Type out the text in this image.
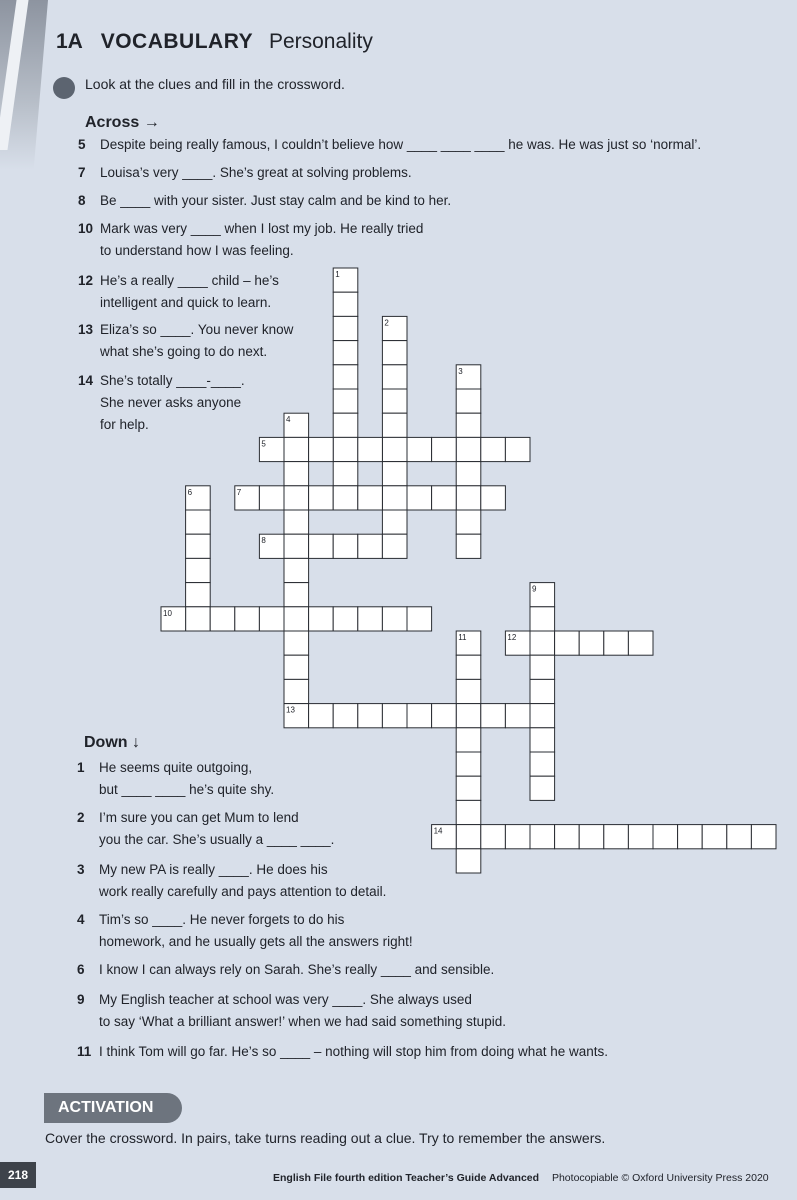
1A VOCABULARY Personality
Look at the clues and fill in the crossword.
Across →
5 Despite being really famous, I couldn’t believe how ____ ____ ____ he was. He was just so ‘normal’.
7 Louisa’s very ____. She’s great at solving problems.
8 Be ____ with your sister. Just stay calm and be kind to her.
10 Mark was very ____ when I lost my job. He really tried
to understand how I was feeling.
12 He’s a really ____ child – he’s
intelligent and quick to learn.
13 Eliza’s so ____. You never know
what she’s going to do next.
14 She’s totally ____-____.
She never asks anyone
for help.
Down ↓
1 He seems quite outgoing,
but ____ ____ he’s quite shy.
2 I’m sure you can get Mum to lend
you the car. She’s usually a ____ ____.
3 My new PA is really ____. He does his
work really carefully and pays attention to detail.
4 Tim’s so ____. He never forgets to do his
homework, and he usually gets all the answers right!
6 I know I can always rely on Sarah. She’s really ____ and sensible.
9 My English teacher at school was very ____. She always used
to say ‘What a brilliant answer!’ when we had said something stupid.
11 I think Tom will go far. He’s so ____ – nothing will stop him from doing what he wants.
1
2
3
4
5
6	7
8
9
10
11	12
13
14
ACTIVATION
Cover the crossword. In pairs, take turns reading out a clue. Try to remember the answers.
218	English File fourth edition Teacher’s Guide Advanced Photocopiable © Oxford University Press 2020
